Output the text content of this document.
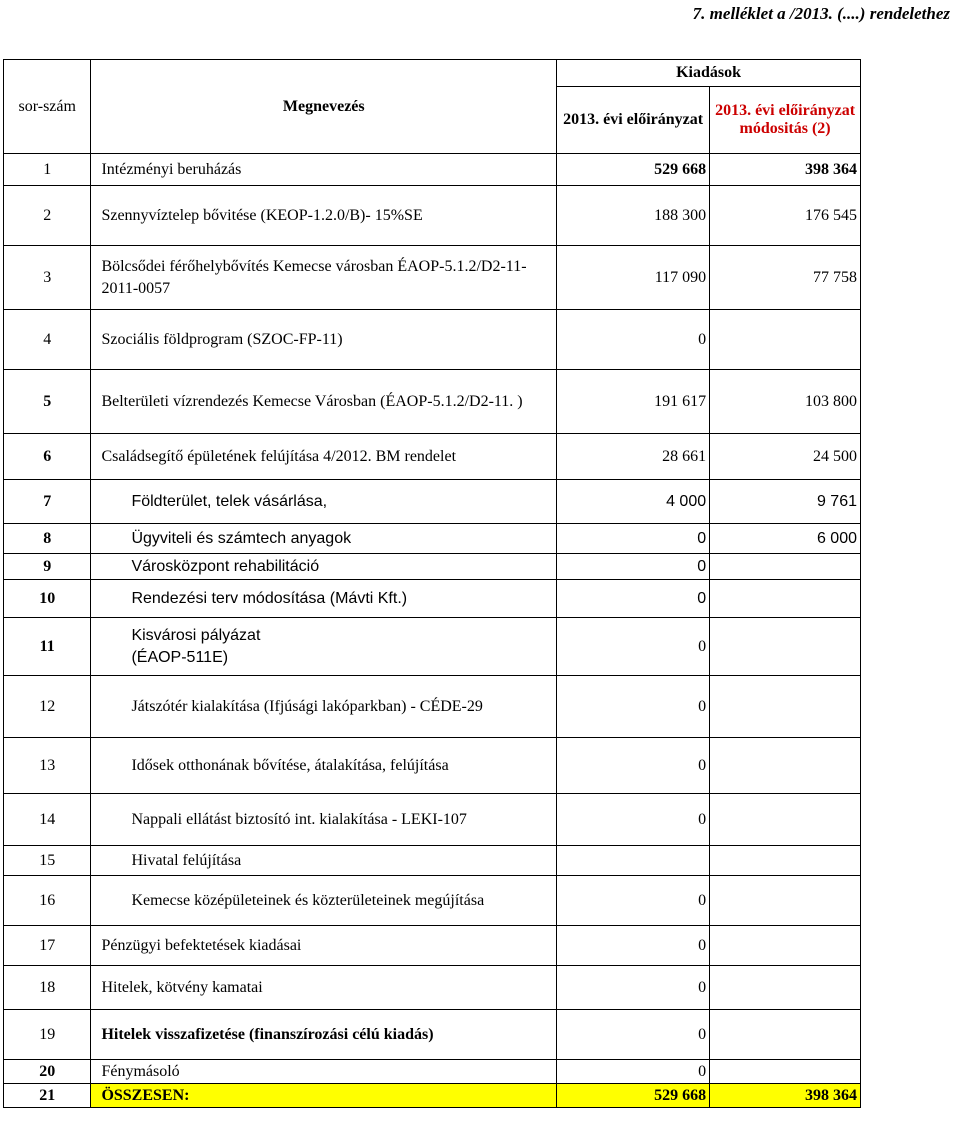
7. melléklet a /2013. (....) rendelethez
sor-szám	Megnevezés	Kiadások	
		2013. évi előirányzat	2013. évi előirányzat módositás (2)
1	Intézményi beruházás	529 668	398 364
2	Szennyvíztelep bővitése (KEOP-1.2.0/B)- 15%SE	188 300	176 545
3	Bölcsődei férőhelybővítés Kemecse városban ÉAOP-5.1.2/D2-11-2011-0057	117 090	77 758
4	Szociális földprogram (SZOC-FP-11)	0	
5	Belterületi vízrendezés Kemecse Városban (ÉAOP-5.1.2/D2-11. )	191 617	103 800
6	Családsegítő épületének felújítása 4/2012. BM rendelet	28 661	24 500
7	Földterület, telek vásárlása,	4 000	9 761
8	Ügyviteli és számtech anyagok	0	6 000
9	Városközpont rehabilitáció	0	
10	Rendezési terv módosítása (Mávti Kft.)	0	
11	Kisvárosi pályázat (ÉAOP-511E)	0	
12	Játszótér kialakítása (Ifjúsági lakóparkban) - CÉDE-29	0	
13	Idősek otthonának bővítése, átalakítása, felújítása	0	
14	Nappali ellátást biztosító int. kialakítása - LEKI-107	0	
15	Hivatal felújítása		
16	Kemecse középületeinek és közterületeinek megújítása	0	
17	Pénzügyi befektetések kiadásai	0	
18	Hitelek, kötvény kamatai	0	
19	Hitelek visszafizetése (finanszírozási célú kiadás)	0	
20	Fénymásoló	0	
21	ÖSSZESEN:	529 668	398 364
